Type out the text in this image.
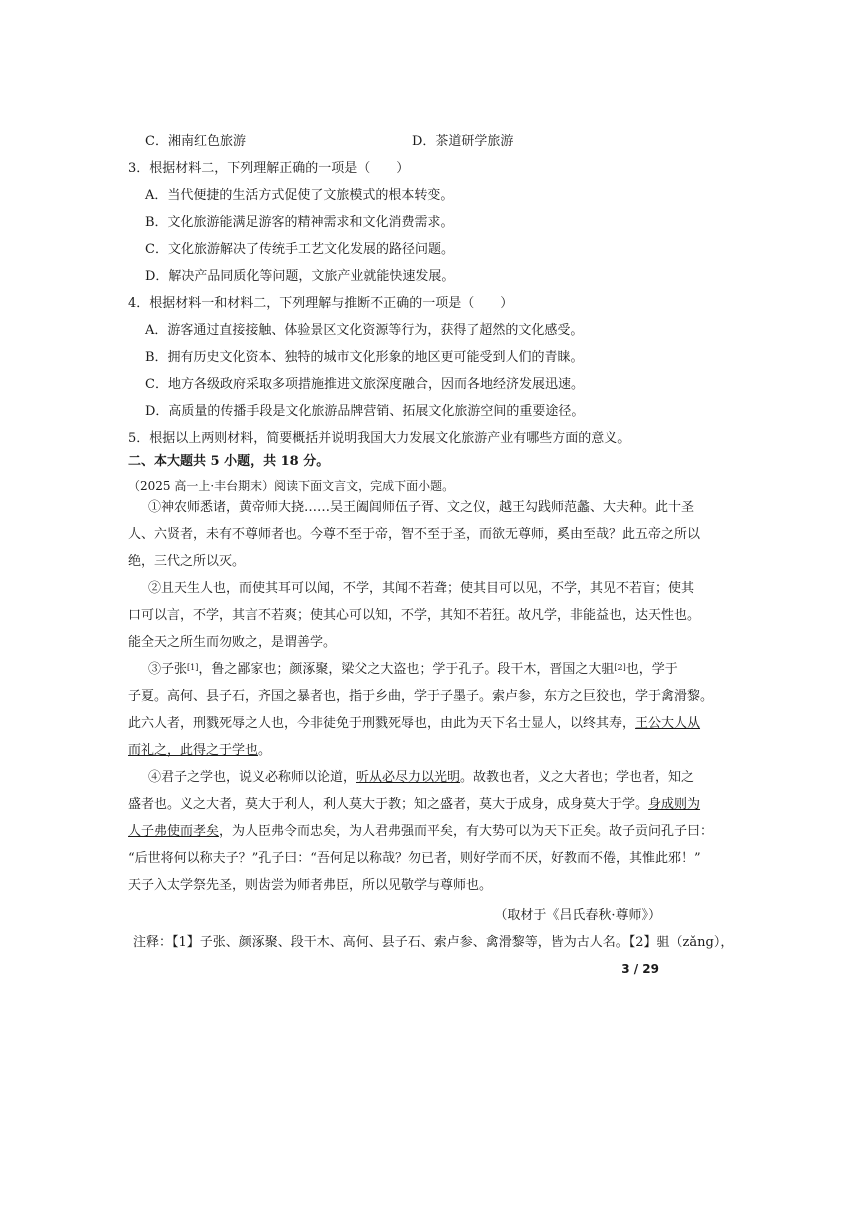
C．湘南红色旅游	D．茶道研学旅游
3．根据材料二，下列理解正确的一项是（　　）
A．当代便捷的生活方式促使了文旅模式的根本转变。
B．文化旅游能满足游客的精神需求和文化消费需求。
C．文化旅游解决了传统手工艺文化发展的路径问题。
D．解决产品同质化等问题，文旅产业就能快速发展。
4．根据材料一和材料二，下列理解与推断不正确的一项是（　　）
A．游客通过直接接触、体验景区文化资源等行为，获得了超然的文化感受。
B．拥有历史文化资本、独特的城市文化形象的地区更可能受到人们的青睐。
C．地方各级政府采取多项措施推进文旅深度融合，因而各地经济发展迅速。
D．高质量的传播手段是文化旅游品牌营销、拓展文化旅游空间的重要途径。
5．根据以上两则材料，简要概括并说明我国大力发展文化旅游产业有哪些方面的意义。
二、本大题共 5 小题，共 18 分。
（2025 高一上·丰台期末）阅读下面文言文，完成下面小题。
①神农师悉诸，黄帝师大挠……吴王阖闾师伍子胥、文之仪，越王勾践师范蠡、大夫种。此十圣
人、六贤者，未有不尊师者也。今尊不至于帝，智不至于圣，而欲无尊师，奚由至哉？此五帝之所以
绝，三代之所以灭。
②且天生人也，而使其耳可以闻，不学，其闻不若聋；使其目可以见，不学，其见不若盲；使其
口可以言，不学，其言不若爽；使其心可以知，不学，其知不若狂。故凡学，非能益也，达天性也。
能全天之所生而勿败之，是谓善学。
③子张[1]，鲁之鄙家也；颜涿聚，梁父之大盗也；学于孔子。段干木，晋国之大驵[2]也，学于
子夏。高何、县子石，齐国之暴者也，指于乡曲，学于子墨子。索卢参，东方之巨狡也，学于禽滑黎。
此六人者，刑戮死辱之人也，今非徒免于刑戮死辱也，由此为天下名士显人，以终其寿，王公大人从
而礼之，此得之于学也。
④君子之学也，说义必称师以论道，听从必尽力以光明。故教也者，义之大者也；学也者，知之
盛者也。义之大者，莫大于利人，利人莫大于教；知之盛者，莫大于成身，成身莫大于学。身成则为
人子弗使而孝矣，为人臣弗令而忠矣，为人君弗强而平矣，有大势可以为天下正矣。故子贡问孔子曰：
“后世将何以称夫子？”孔子曰：“吾何足以称哉？勿已者，则好学而不厌，好教而不倦，其惟此邪！”
天子入太学祭先圣，则齿尝为师者弗臣，所以见敬学与尊师也。
（取材于《吕氏春秋·尊师》）
注释：【1】子张、颜涿聚、段干木、高何、县子石、索卢参、禽滑黎等，皆为古人名。【2】驵（zǎng），
3 / 29
